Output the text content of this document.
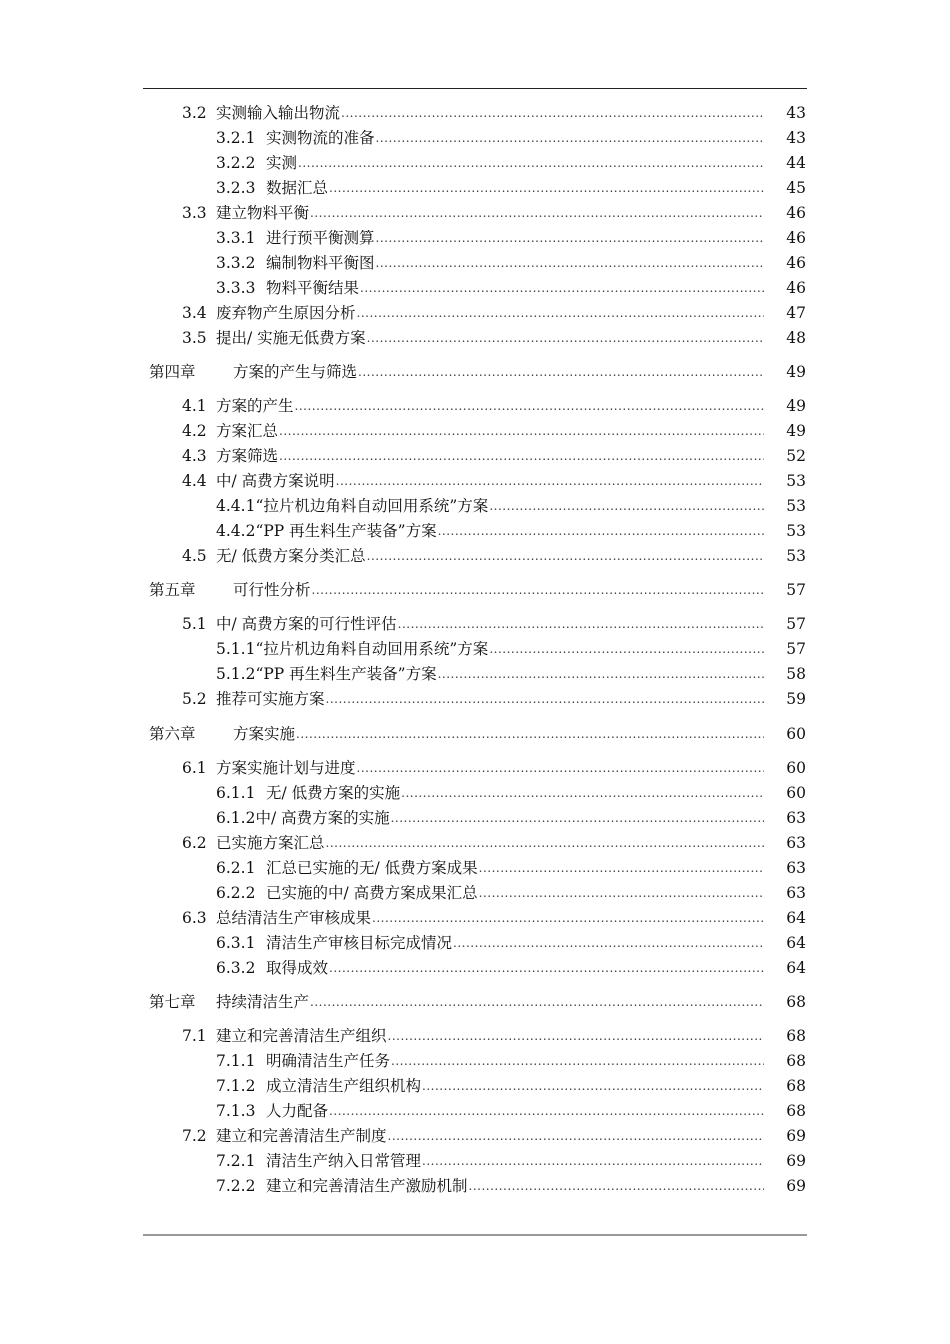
3.2 实测输入输出物流 .....	43
3.2.1 实测物流的准备 .....	43
3.2.2 实测 .....	44
3.2.3 数据汇总 .....	45
3.3 建立物料平衡 .....	46
3.3.1 进行预平衡测算 .....	46
3.3.2 编制物料平衡图 .....	46
3.3.3 物料平衡结果 .....	46
3.4 废弃物产生原因分析 .....	47
3.5 提出/ 实施无低费方案 .....	48
第四章	方案的产生与筛选 .....	49
4.1 方案的产生 .....	49
4.2 方案汇总 .....	49
4.3 方案筛选 .....	52
4.4 中/ 高费方案说明 .....	53
4.4.1 “拉片机边角料自动回用系统”方案 .....	53
4.4.2 “PP 再生料生产装备”方案 .....	53
4.5 无/ 低费方案分类汇总 .....	53
第五章	可行性分析 .....	57
5.1 中/ 高费方案的可行性评估 .....	57
5.1.1 “拉片机边角料自动回用系统”方案 .....	57
5.1.2 “PP 再生料生产装备”方案 .....	58
5.2 推荐可实施方案 .....	59
第六章	方案实施 .....	60
6.1 方案实施计划与进度 .....	60
6.1.1 无/ 低费方案的实施 .....	60
6.1.2 中/ 高费方案的实施 .....	63
6.2 已实施方案汇总 .....	63
6.2.1 汇总已实施的无/ 低费方案成果 .....	63
6.2.2 已实施的中/ 高费方案成果汇总 .....	63
6.3 总结清洁生产审核成果 .....	64
6.3.1 清洁生产审核目标完成情况 .....	64
6.3.2 取得成效 .....	64
第七章	持续清洁生产 .....	68
7.1 建立和完善清洁生产组织 .....	68
7.1.1 明确清洁生产任务 .....	68
7.1.2 成立清洁生产组织机构 .....	68
7.1.3 人力配备 .....	68
7.2 建立和完善清洁生产制度 .....	69
7.2.1 清洁生产纳入日常管理 .....	69
7.2.2 建立和完善清洁生产激励机制 .....	69
